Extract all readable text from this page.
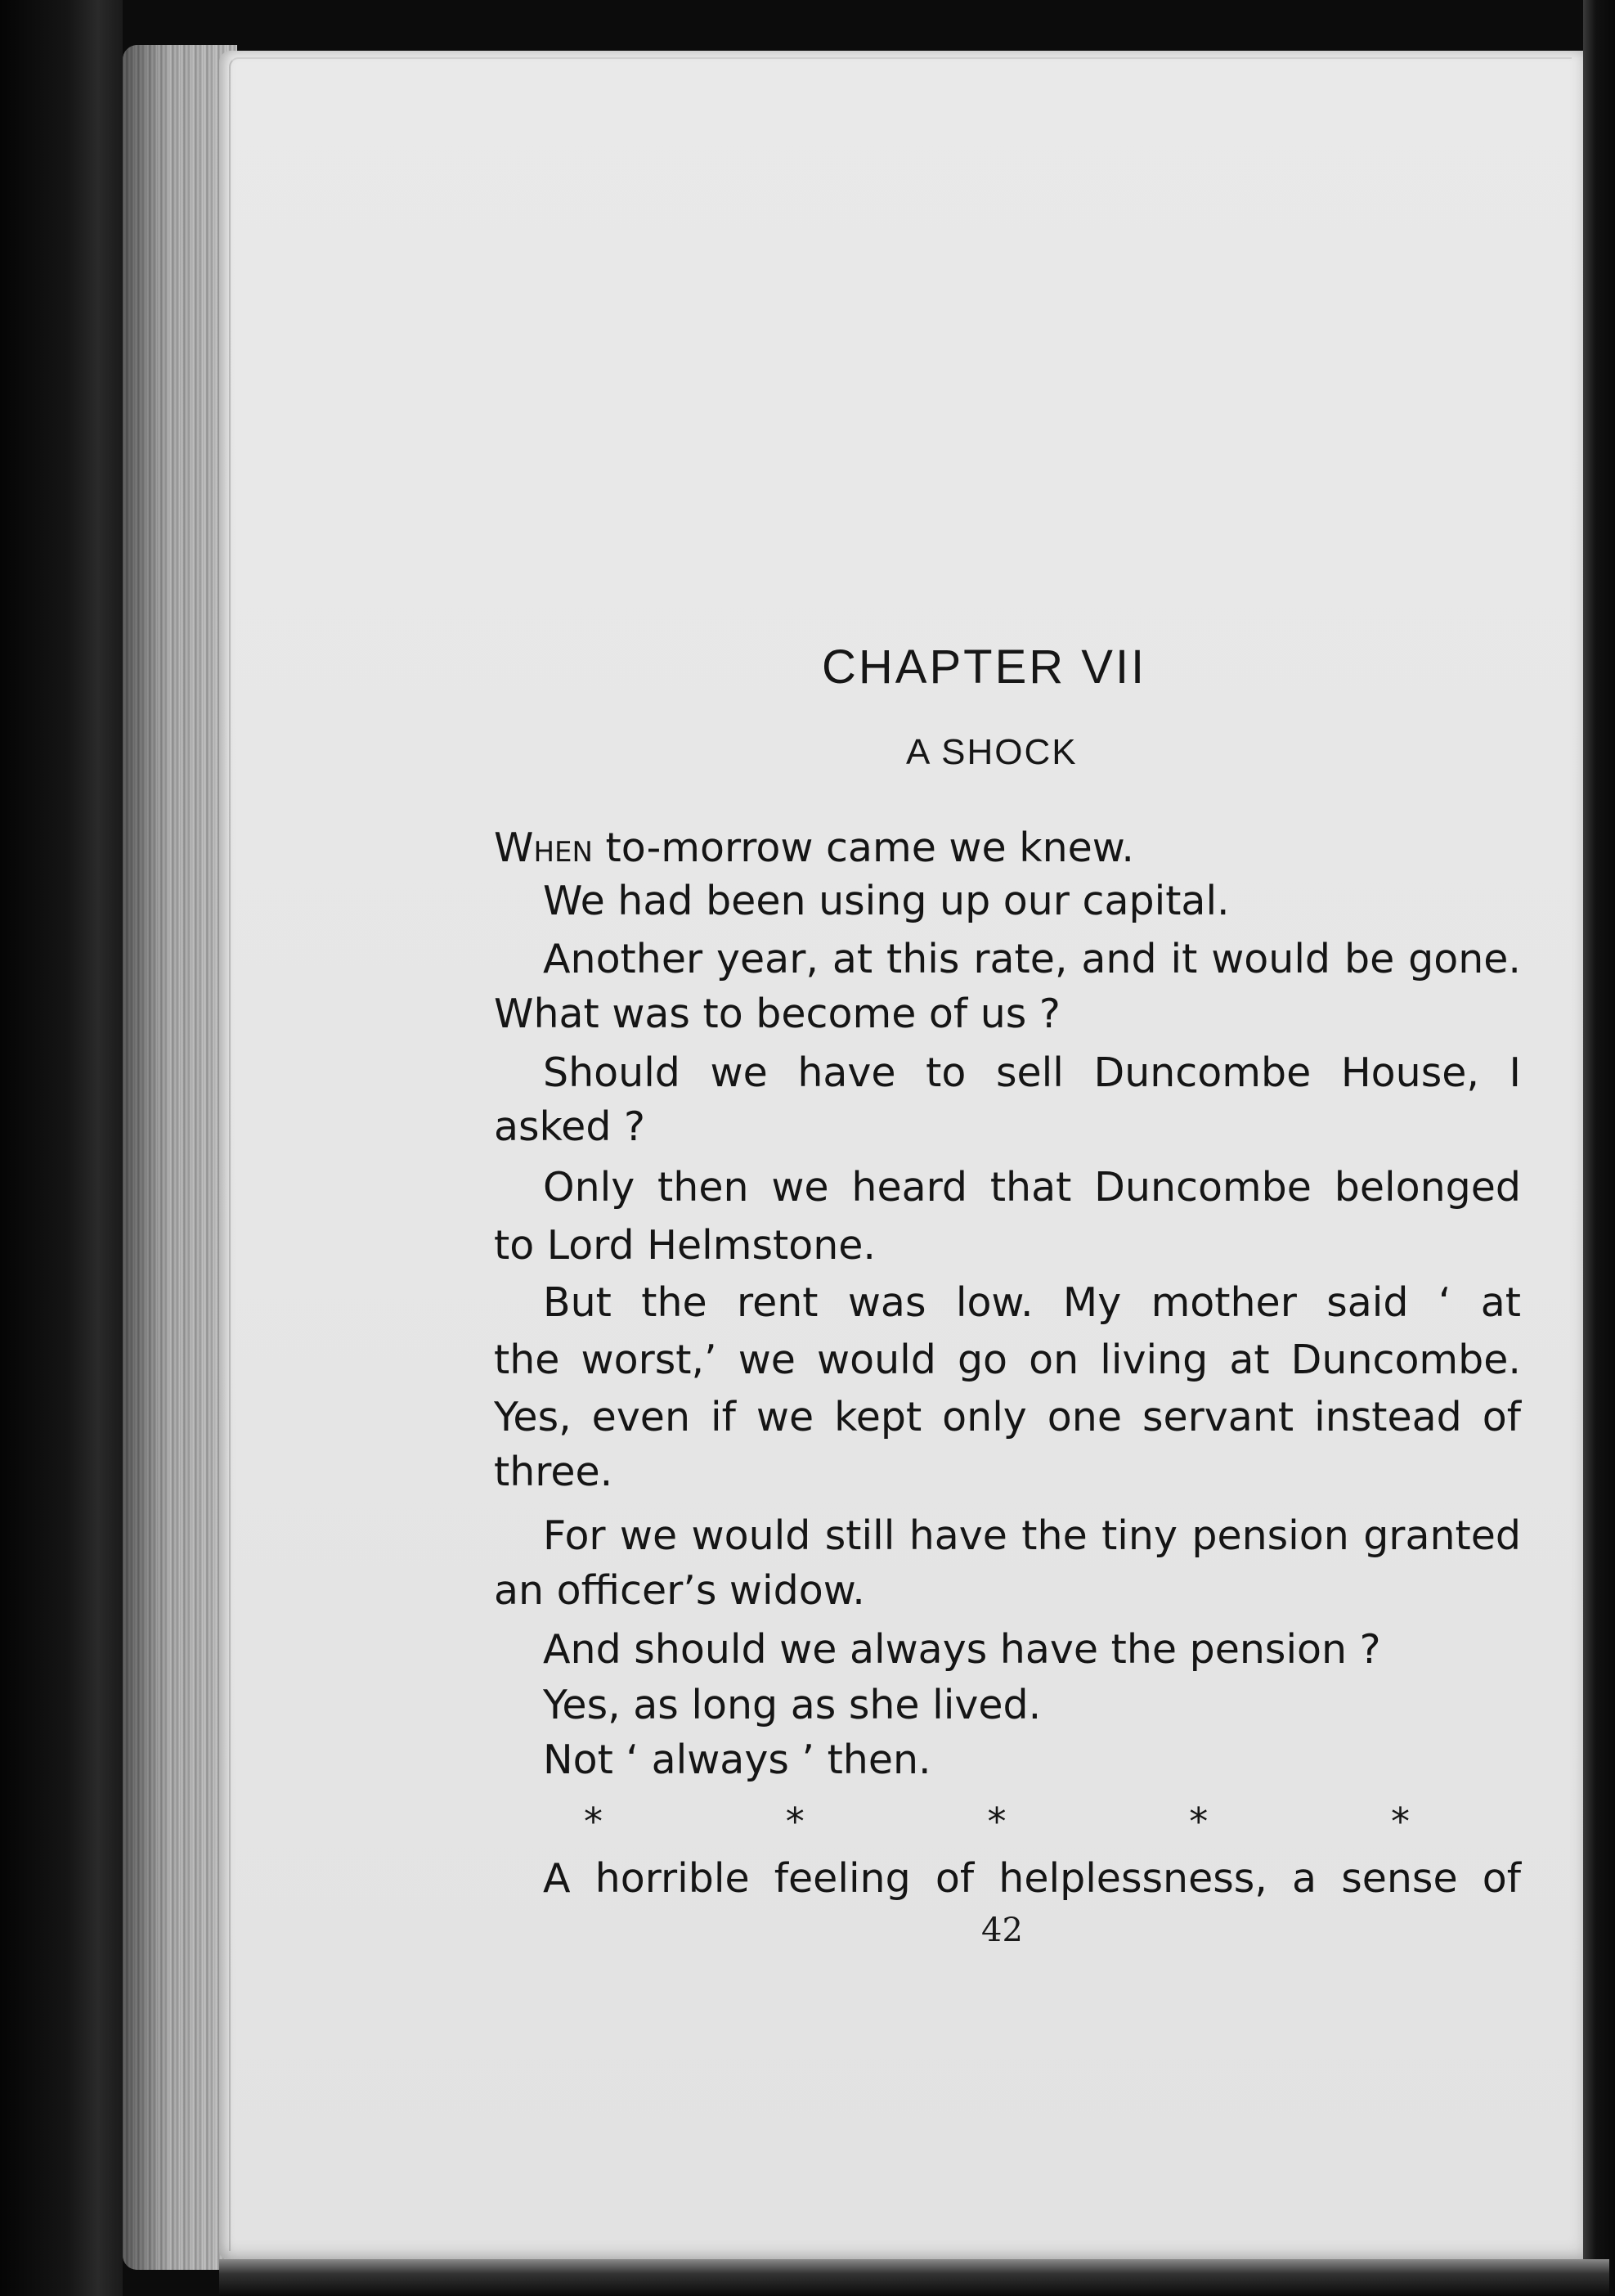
CHAPTER VII
A SHOCK
When to-morrow came we knew.
We had been using up our capital.
Another year, at this rate, and it would be gone.
What was to become of us ?
Should we have to sell Duncombe House, I
asked ?
Only then we heard that Duncombe belonged
to Lord Helmstone.
But the rent was low. My mother said ‘ at
the worst,’ we would go on living at Duncombe.
Yes, even if we kept only one servant instead of
three.
For we would still have the tiny pension granted
an officer’s widow.
And should we always have the pension ?
Yes, as long as she lived.
Not ‘ always ’ then.
*	*	*	*	*
A horrible feeling of helplessness, a sense of
42
